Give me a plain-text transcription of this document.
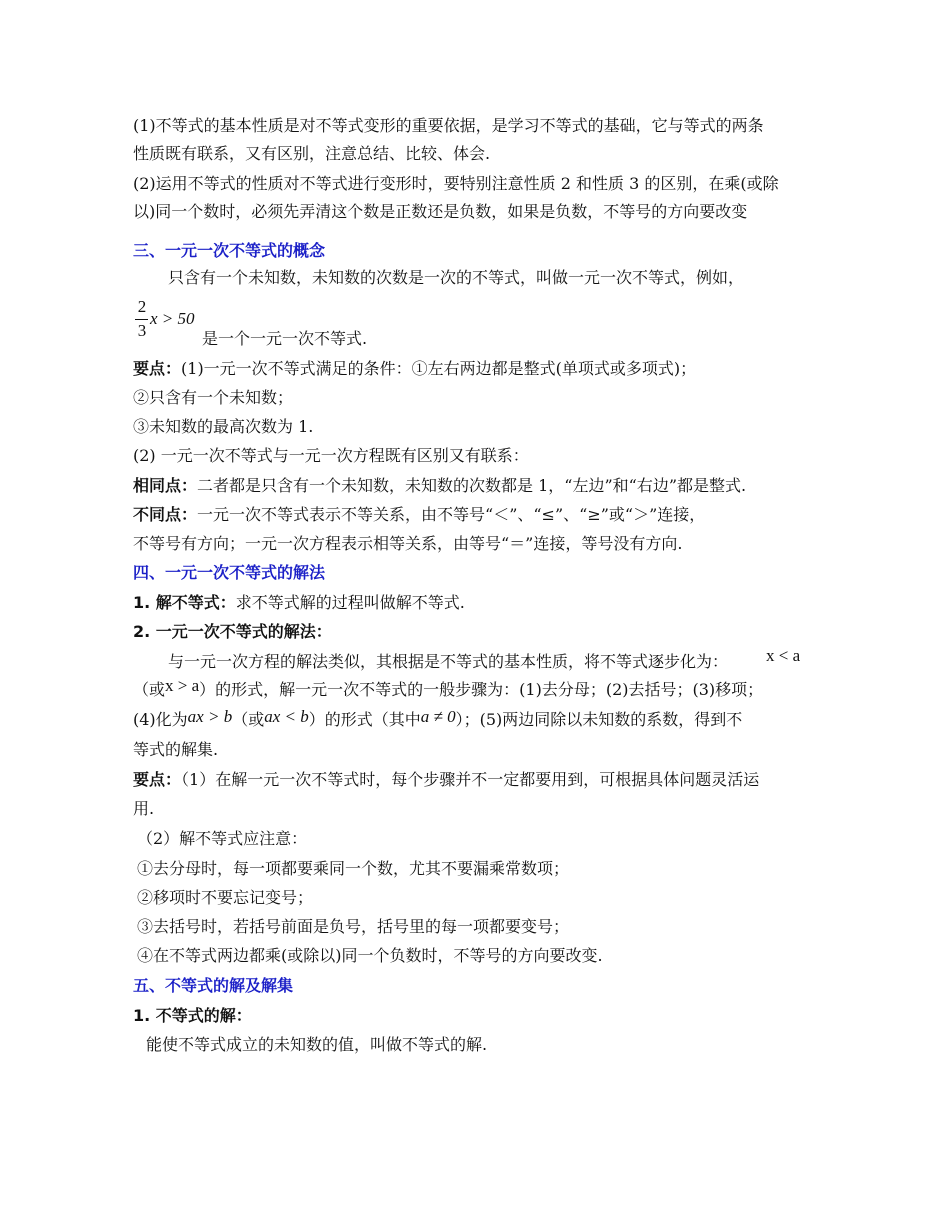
(1)不等式的基本性质是对不等式变形的重要依据，是学习不等式的基础，它与等式的两条
性质既有联系，又有区别，注意总结、比较、体会.
(2)运用不等式的性质对不等式进行变形时，要特别注意性质 2 和性质 3 的区别，在乘(或除
以)同一个数时，必须先弄清这个数是正数还是负数，如果是负数，不等号的方向要改变
三、一元一次不等式的概念
只含有一个未知数，未知数的次数是一次的不等式，叫做一元一次不等式，例如，
2
3
x > 50
是一个一元一次不等式.
要点：(1)一元一次不等式满足的条件：①左右两边都是整式(单项式或多项式)；
②只含有一个未知数；
③未知数的最高次数为 1.
(2) 一元一次不等式与一元一次方程既有区别又有联系：
相同点：二者都是只含有一个未知数，未知数的次数都是 1，“左边”和“右边”都是整式.
不同点：一元一次不等式表示不等关系，由不等号“＜”、“≤”、“≥”或“＞”连接，
不等号有方向；一元一次方程表示相等关系，由等号“＝”连接，等号没有方向.
四、一元一次不等式的解法
1. 解不等式：求不等式解的过程叫做解不等式.
2. 一元一次不等式的解法：
与一元一次方程的解法类似，其根据是不等式的基本性质，将不等式逐步化为： x < a
（或x > a）的形式，解一元一次不等式的一般步骤为：(1)去分母；(2)去括号；(3)移项；
(4)化为ax > b（或ax < b）的形式（其中a ≠ 0）；(5)两边同除以未知数的系数，得到不
等式的解集.
要点：（1）在解一元一次不等式时，每个步骤并不一定都要用到，可根据具体问题灵活运
用.
（2）解不等式应注意：
①去分母时，每一项都要乘同一个数，尤其不要漏乘常数项；
②移项时不要忘记变号；
③去括号时，若括号前面是负号，括号里的每一项都要变号；
④在不等式两边都乘(或除以)同一个负数时，不等号的方向要改变.
五、不等式的解及解集
1. 不等式的解：
能使不等式成立的未知数的值，叫做不等式的解.
